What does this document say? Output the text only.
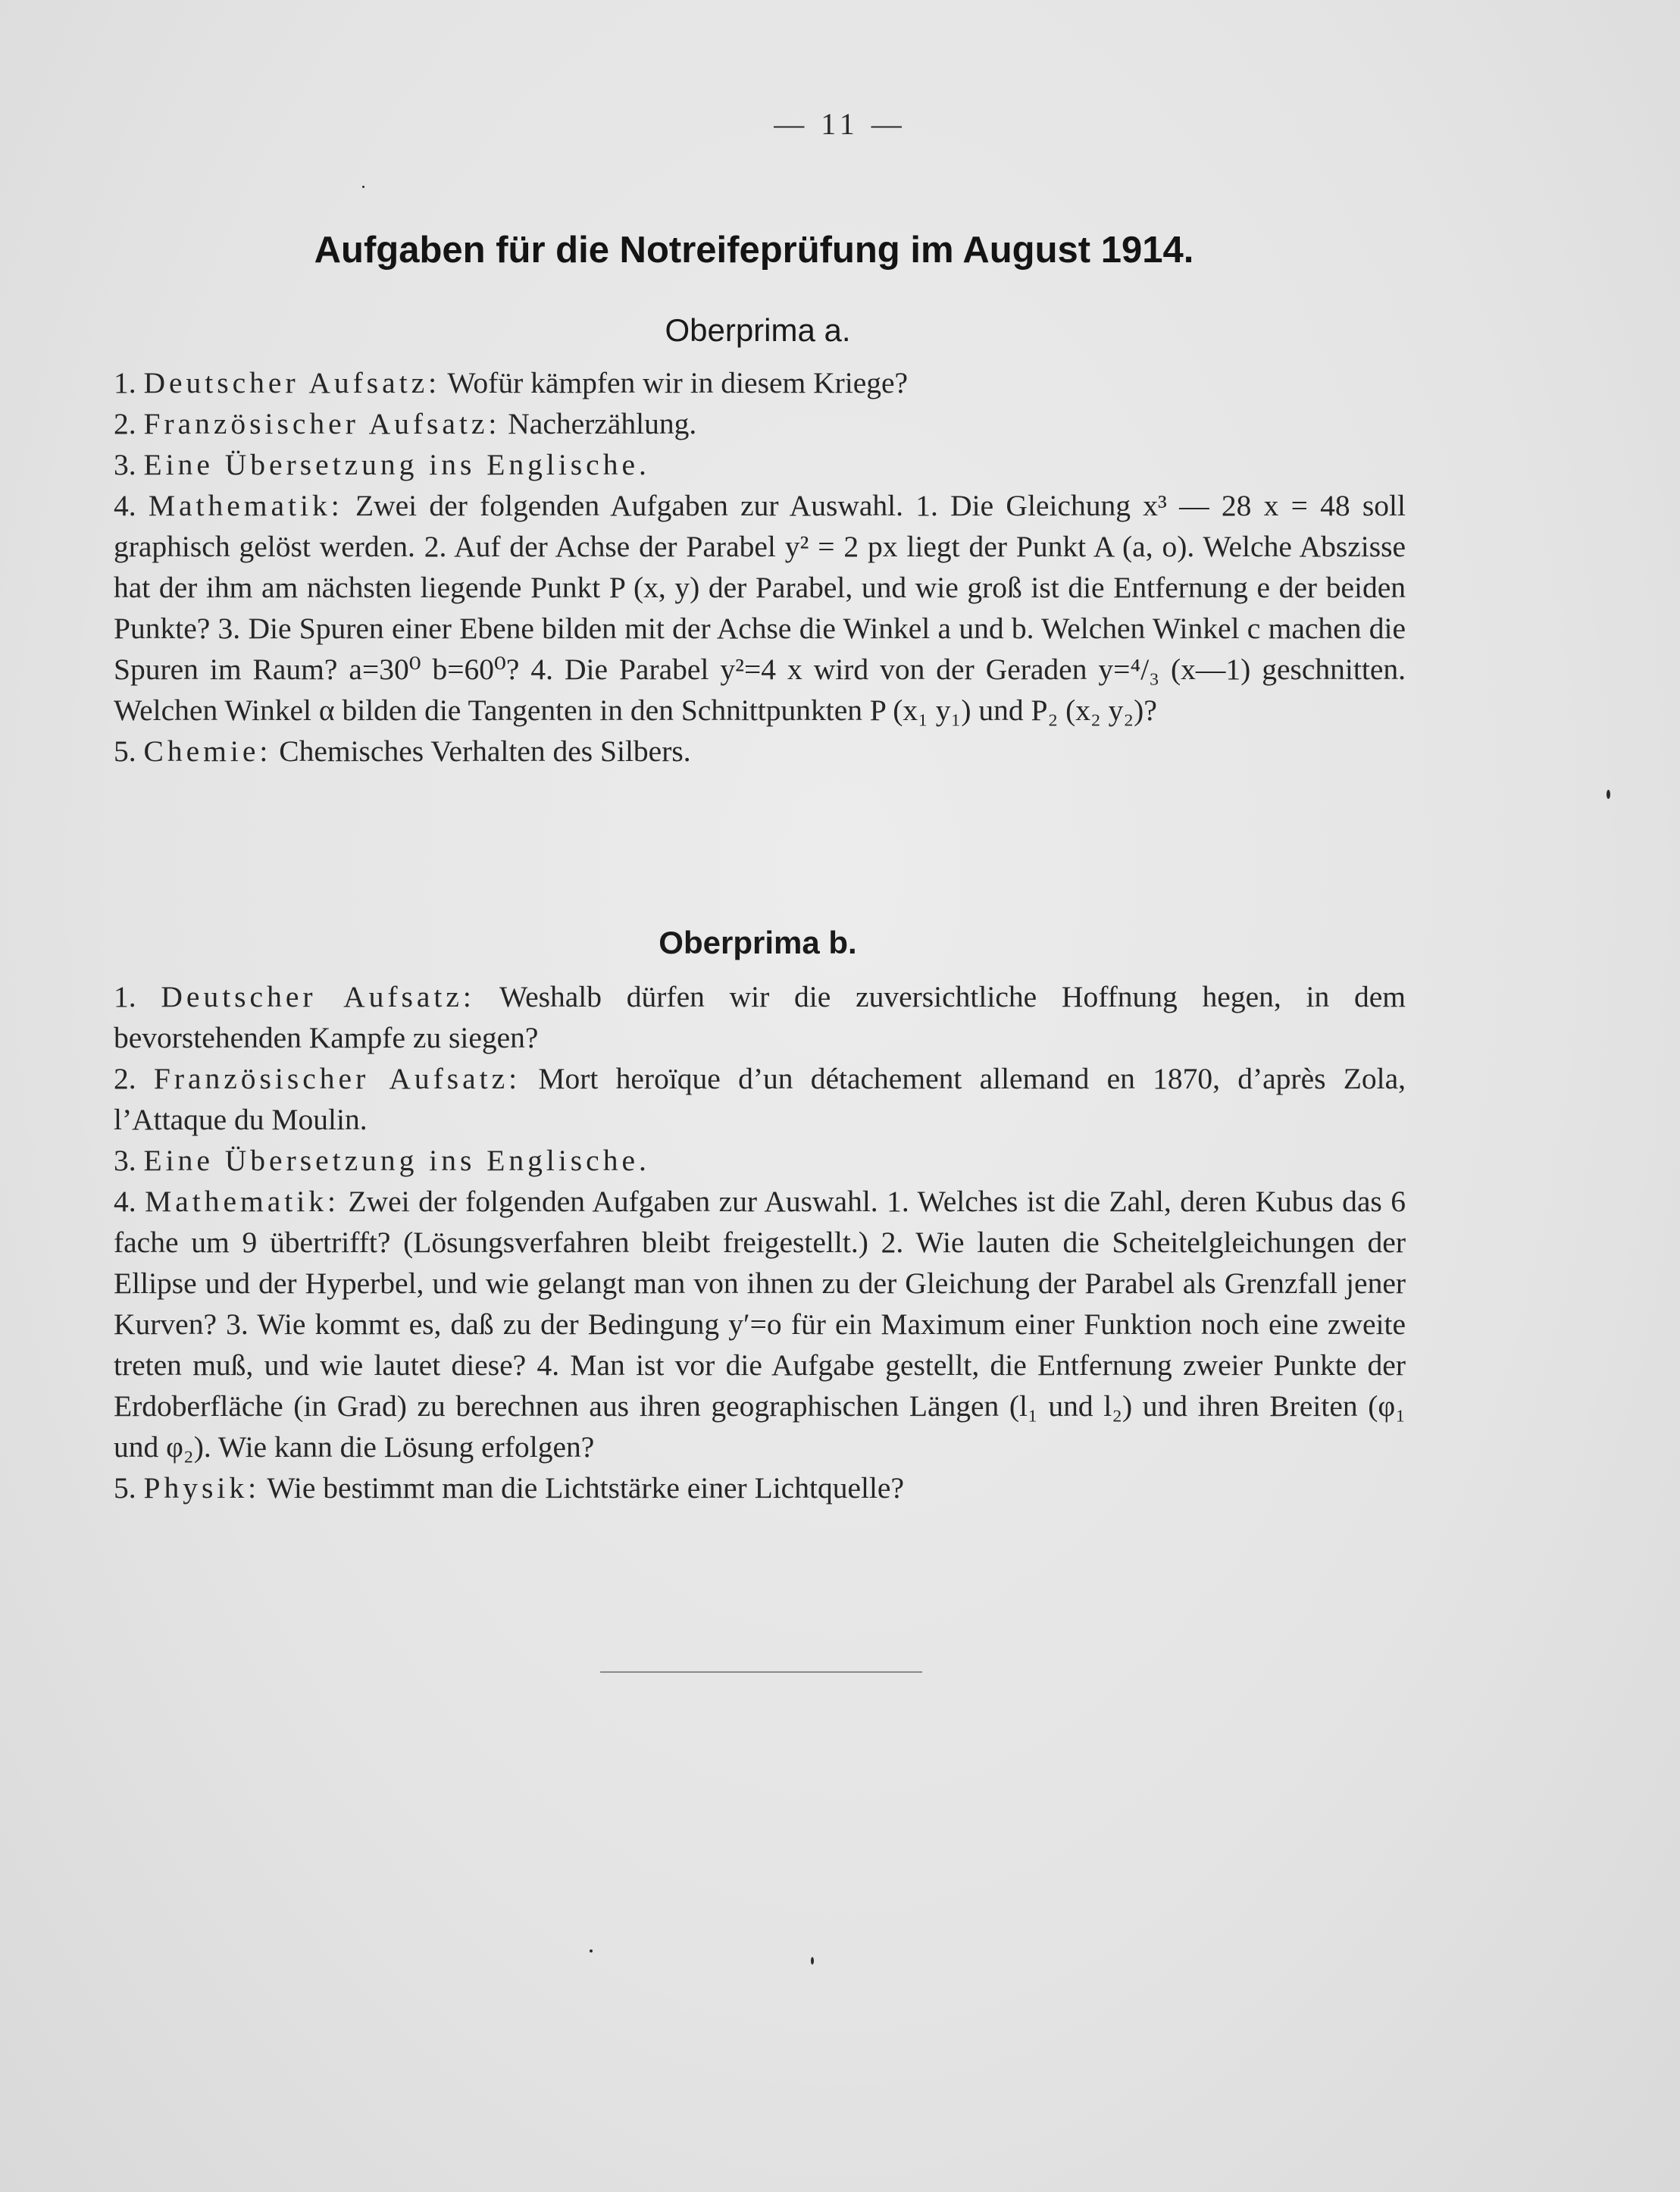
— 11 —
Aufgaben für die Notreifeprüfung im August 1914.
Oberprima a.

1. Deutscher Aufsatz: Wofür kämpfen wir in diesem Kriege?

2. Französischer Aufsatz: Nacherzählung.

3. Eine Übersetzung ins Englische.

4. Mathematik: Zwei der folgenden Aufgaben zur Auswahl. 1. Die Gleichung x³ — 28 x = 48 soll graphisch gelöst werden. 2. Auf der Achse der Parabel y² = 2 px liegt der Punkt A (a, o). Welche Abszisse hat der ihm am nächsten liegende Punkt P (x, y) der Parabel, und wie groß ist die Entfernung e der beiden Punkte? 3. Die Spuren einer Ebene bilden mit der Achse die Winkel a und b. Welchen Winkel c machen die Spuren im Raum? a=30⁰ b=60⁰? 4. Die Parabel y²=4 x wird von der Geraden y=⁴/₃ (x—1) geschnitten. Welchen Winkel α bilden die Tangenten in den Schnittpunkten P (x₁ y₁) und P₂ (x₂ y₂)?

5. Chemie: Chemisches Verhalten des Silbers.

Oberprima b.

1. Deutscher Aufsatz: Weshalb dürfen wir die zuversichtliche Hoffnung hegen, in dem bevorstehenden Kampfe zu siegen?

2. Französischer Aufsatz: Mort heroïque d’un détachement allemand en 1870, d’après Zola, l’Attaque du Moulin.

3. Eine Übersetzung ins Englische.

4. Mathematik: Zwei der folgenden Aufgaben zur Auswahl. 1. Welches ist die Zahl, deren Kubus das 6 fache um 9 übertrifft? (Lösungsverfahren bleibt freigestellt.) 2. Wie lauten die Scheitelgleichungen der Ellipse und der Hyperbel, und wie gelangt man von ihnen zu der Gleichung der Parabel als Grenzfall jener Kurven? 3. Wie kommt es, daß zu der Bedingung y′=o für ein Maximum einer Funktion noch eine zweite treten muß, und wie lautet diese? 4. Man ist vor die Aufgabe gestellt, die Entfernung zweier Punkte der Erdoberfläche (in Grad) zu berechnen aus ihren geographischen Längen (l₁ und l₂) und ihren Breiten (φ₁ und φ₂). Wie kann die Lösung erfolgen?

5. Physik: Wie bestimmt man die Lichtstärke einer Lichtquelle?
